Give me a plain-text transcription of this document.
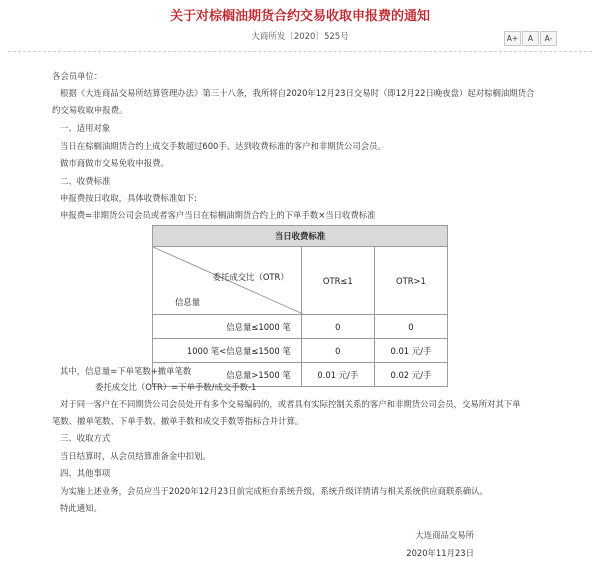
关于对棕榈油期货合约交易收取申报费的通知
大商所发〔2020〕525号	A+	A	A-
各会员单位：
根据《大连商品交易所结算管理办法》第三十八条，我所将自2020年12月23日交易时（即12月22日晚夜盘）起对棕榈油期货合
约交易收取申报费。
一、适用对象
当日在棕榈油期货合约上成交手数超过600手、达到收费标准的客户和非期货公司会员。
做市商做市交易免收申报费。
二、收费标准
申报费按日收取，具体收费标准如下:
申报费=非期货公司会员或者客户当日在棕榈油期货合约上的下单手数×当日收费标准
当日收费标准		

委托成交比（OTR）
信息量	OTR≤1	OTR>1
信息量≤1000 笔	0	0
1000 笔<信息量≤1500 笔	0	0.01 元/手
信息量>1500 笔	0.01 元/手	0.02 元/手
其中，信息量=下单笔数+撤单笔数
委托成交比（OTR）=下单手数/成交手数-1
对于同一客户在不同期货公司会员处开有多个交易编码的，或者具有实际控制关系的客户和非期货公司会员，交易所对其下单
笔数、撤单笔数、下单手数、撤单手数和成交手数等指标合并计算。
三、收取方式
当日结算时，从会员结算准备金中扣划。
四、其他事项
为实施上述业务，会员应当于2020年12月23日前完成柜台系统升级，系统升级详情请与相关系统供应商联系确认。
特此通知。
大连商品交易所
2020年11月23日
